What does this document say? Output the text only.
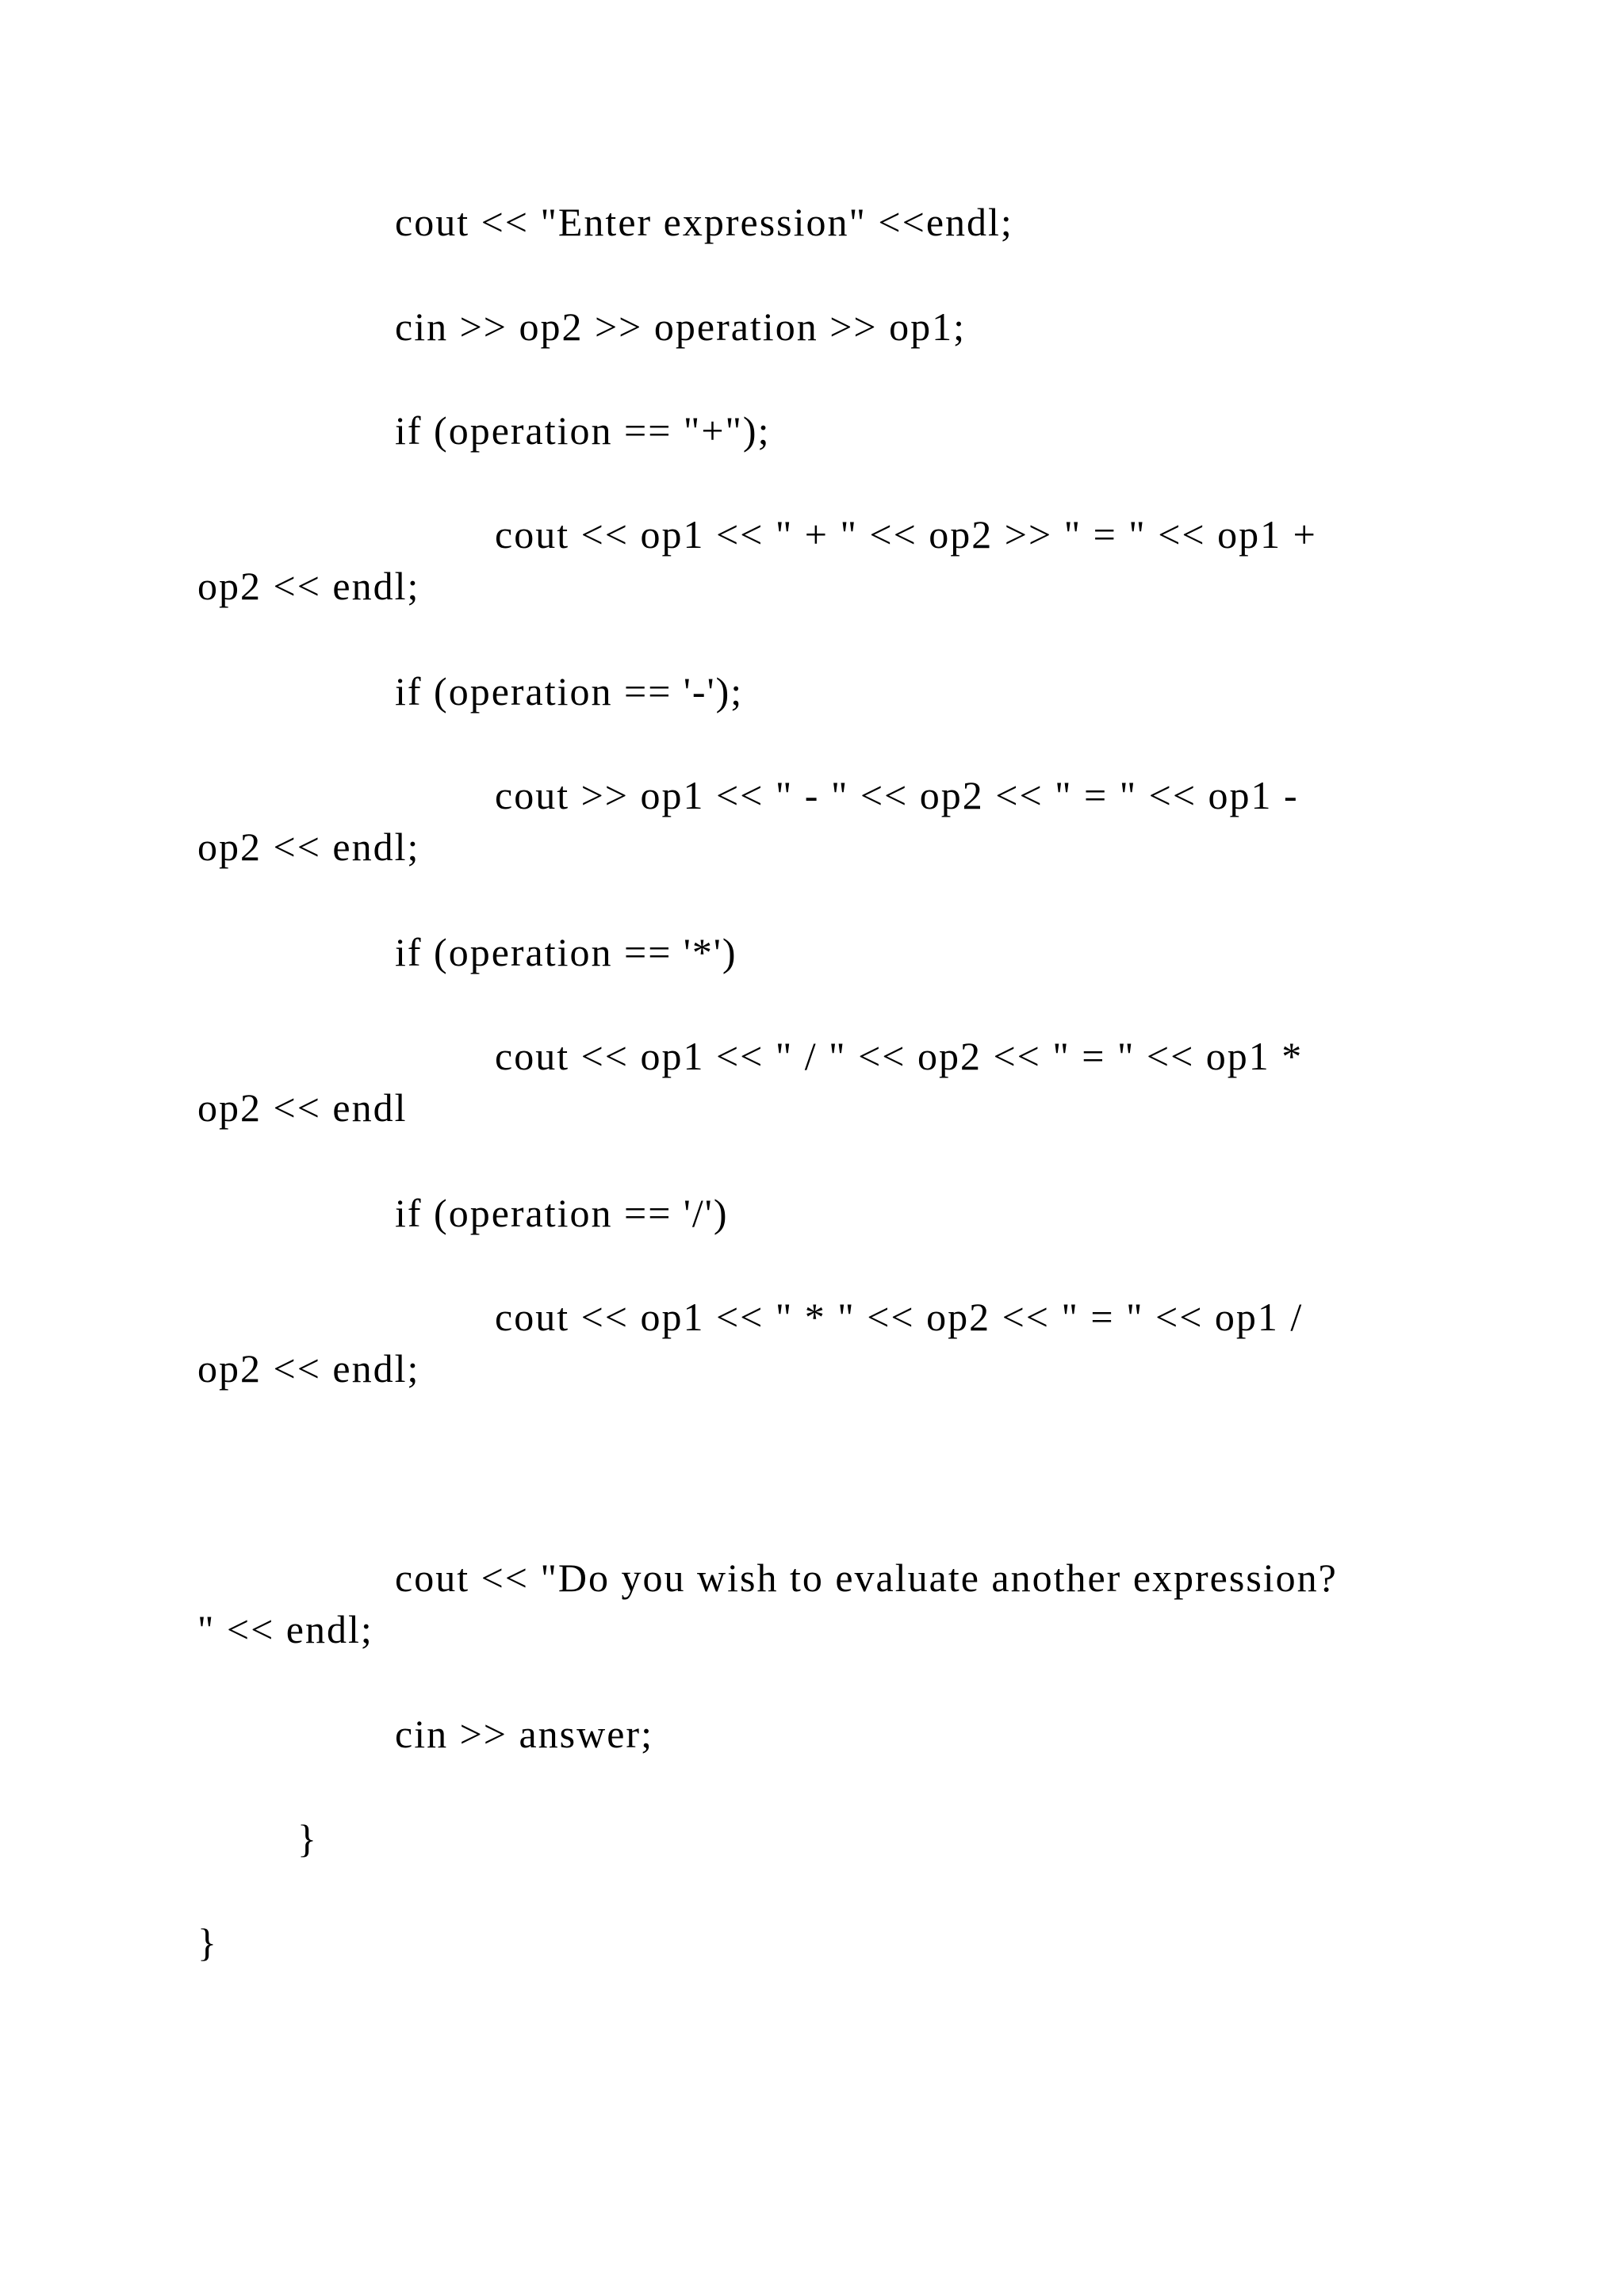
cout << "Enter expression" <<endl;
cin >> op2 >> operation >> op1;
if (operation == "+");
cout << op1 << " + " << op2 >> " = " << op1 +
op2 << endl;
if (operation == '-');
cout >> op1 << " - " << op2 << " = " << op1 -
op2 << endl;
if (operation == '*')
cout << op1 << " / " << op2 << " = " << op1 *
op2 << endl
if (operation == '/')
cout << op1 << " * " << op2 << " = " << op1 /
op2 << endl;
cout << "Do you wish to evaluate another expression?
" << endl;
cin >> answer;
}
}
